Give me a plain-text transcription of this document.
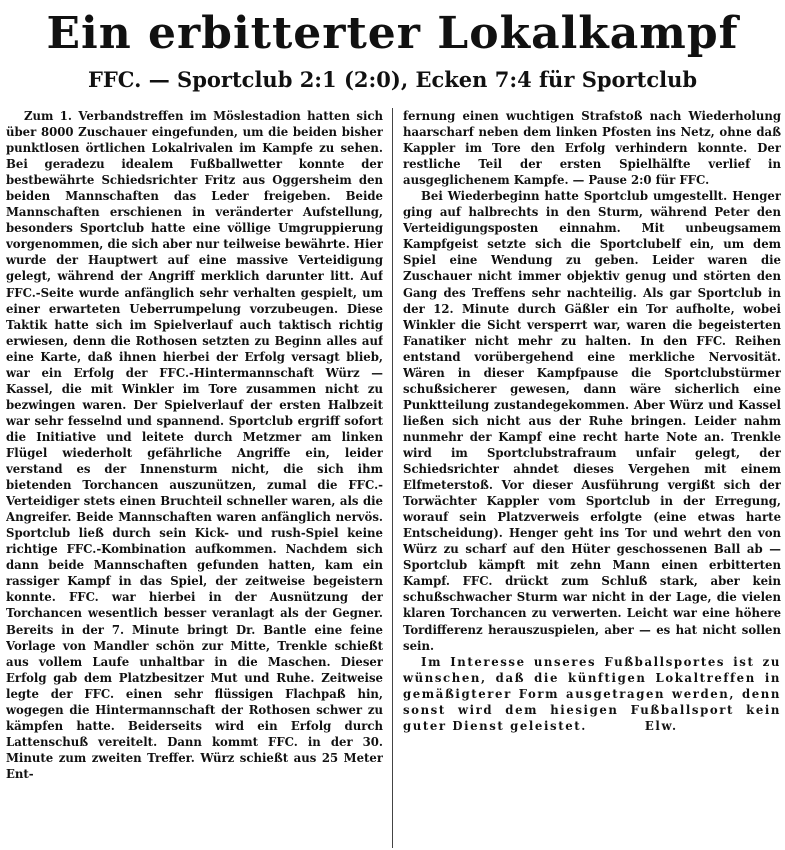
Ein erbitterter Lokalkampf
FFC. — Sportclub 2:1 (2:0), Ecken 7:4 für Sportclub

Zum 1. Verbandstreffen im Möslestadion hatten sich über 8000 Zuschauer eingefunden, um die beiden bisher punktlosen örtlichen Lokalrivalen im Kampfe zu sehen. Bei geradezu idealem Fußballwetter konnte der bestbewährte Schiedsrichter Fritz aus Oggersheim den beiden Mannschaften das Leder freigeben. Beide Mannschaften erschienen in veränderter Aufstellung, besonders Sportclub hatte eine völlige Umgruppierung vorgenommen, die sich aber nur teilweise bewährte. Hier wurde der Hauptwert auf eine massive Verteidigung gelegt, während der Angriff merklich darunter litt. Auf FFC.-Seite wurde anfänglich sehr verhalten gespielt, um einer erwarteten Ueberrumpelung vorzubeugen. Diese Taktik hatte sich im Spielverlauf auch taktisch richtig erwiesen, denn die Rothosen setzten zu Beginn alles auf eine Karte, daß ihnen hierbei der Erfolg versagt blieb, war ein Erfolg der FFC.-Hintermannschaft Würz — Kassel, die mit Winkler im Tore zusammen nicht zu bezwingen waren. Der Spielverlauf der ersten Halbzeit war sehr fesselnd und spannend. Sportclub ergriff sofort die Initiative und leitete durch Metzmer am linken Flügel wiederholt gefährliche Angriffe ein, leider verstand es der Innensturm nicht, die sich ihm bietenden Torchancen auszunützen, zumal die FFC.-Verteidiger stets einen Bruchteil schneller waren, als die Angreifer. Beide Mannschaften waren anfänglich nervös. Sportclub ließ durch sein Kick- und rush-Spiel keine richtige FFC.-Kombination aufkommen. Nachdem sich dann beide Mannschaften gefunden hatten, kam ein rassiger Kampf in das Spiel, der zeitweise begeistern konnte. FFC. war hierbei in der Ausnützung der Torchancen wesentlich besser veranlagt als der Gegner. Bereits in der 7. Minute bringt Dr. Bantle eine feine Vorlage von Mandler schön zur Mitte, Trenkle schießt aus vollem Laufe unhaltbar in die Maschen. Dieser Erfolg gab dem Platzbesitzer Mut und Ruhe. Zeitweise legte der FFC. einen sehr flüssigen Flachpaß hin, wogegen die Hintermannschaft der Rothosen schwer zu kämpfen hatte. Beiderseits wird ein Erfolg durch Lattenschuß vereitelt. Dann kommt FFC. in der 30. Minute zum zweiten Treffer. Würz schießt aus 25 Meter Ent-

fernung einen wuchtigen Strafstoß nach Wiederholung haarscharf neben dem linken Pfosten ins Netz, ohne daß Kappler im Tore den Erfolg verhindern konnte. Der restliche Teil der ersten Spielhälfte verlief in ausgeglichenem Kampfe. — Pause 2:0 für FFC.

Bei Wiederbeginn hatte Sportclub umgestellt. Henger ging auf halbrechts in den Sturm, während Peter den Verteidigungsposten einnahm. Mit unbeugsamem Kampfgeist setzte sich die Sportclubelf ein, um dem Spiel eine Wendung zu geben. Leider waren die Zuschauer nicht immer objektiv genug und störten den Gang des Treffens sehr nachteilig. Als gar Sportclub in der 12. Minute durch Gäßler ein Tor aufholte, wobei Winkler die Sicht versperrt war, waren die begeisterten Fanatiker nicht mehr zu halten. In den FFC. Reihen entstand vorübergehend eine merkliche Nervosität. Wären in dieser Kampfpause die Sportclubstürmer schußsicherer gewesen, dann wäre sicherlich eine Punktteilung zustandegekommen. Aber Würz und Kassel ließen sich nicht aus der Ruhe bringen. Leider nahm nunmehr der Kampf eine recht harte Note an. Trenkle wird im Sportclubstrafraum unfair gelegt, der Schiedsrichter ahndet dieses Vergehen mit einem Elfmeterstoß. Vor dieser Ausführung vergißt sich der Torwächter Kappler vom Sportclub in der Erregung, worauf sein Platzverweis erfolgte (eine etwas harte Entscheidung). Henger geht ins Tor und wehrt den von Würz zu scharf auf den Hüter geschossenen Ball ab — Sportclub kämpft mit zehn Mann einen erbitterten Kampf. FFC. drückt zum Schluß stark, aber kein schußschwacher Sturm war nicht in der Lage, die vielen klaren Torchancen zu verwerten. Leicht war eine höhere Tordifferenz herauszuspielen, aber — es hat nicht sollen sein.

Im Interesse unseres Fußballsportes ist zu wünschen, daß die künftigen Lokaltreffen in gemäßigterer Form ausgetragen werden, denn sonst wird dem hiesigen Fußballsport kein guter Dienst geleistet.	Elw.
